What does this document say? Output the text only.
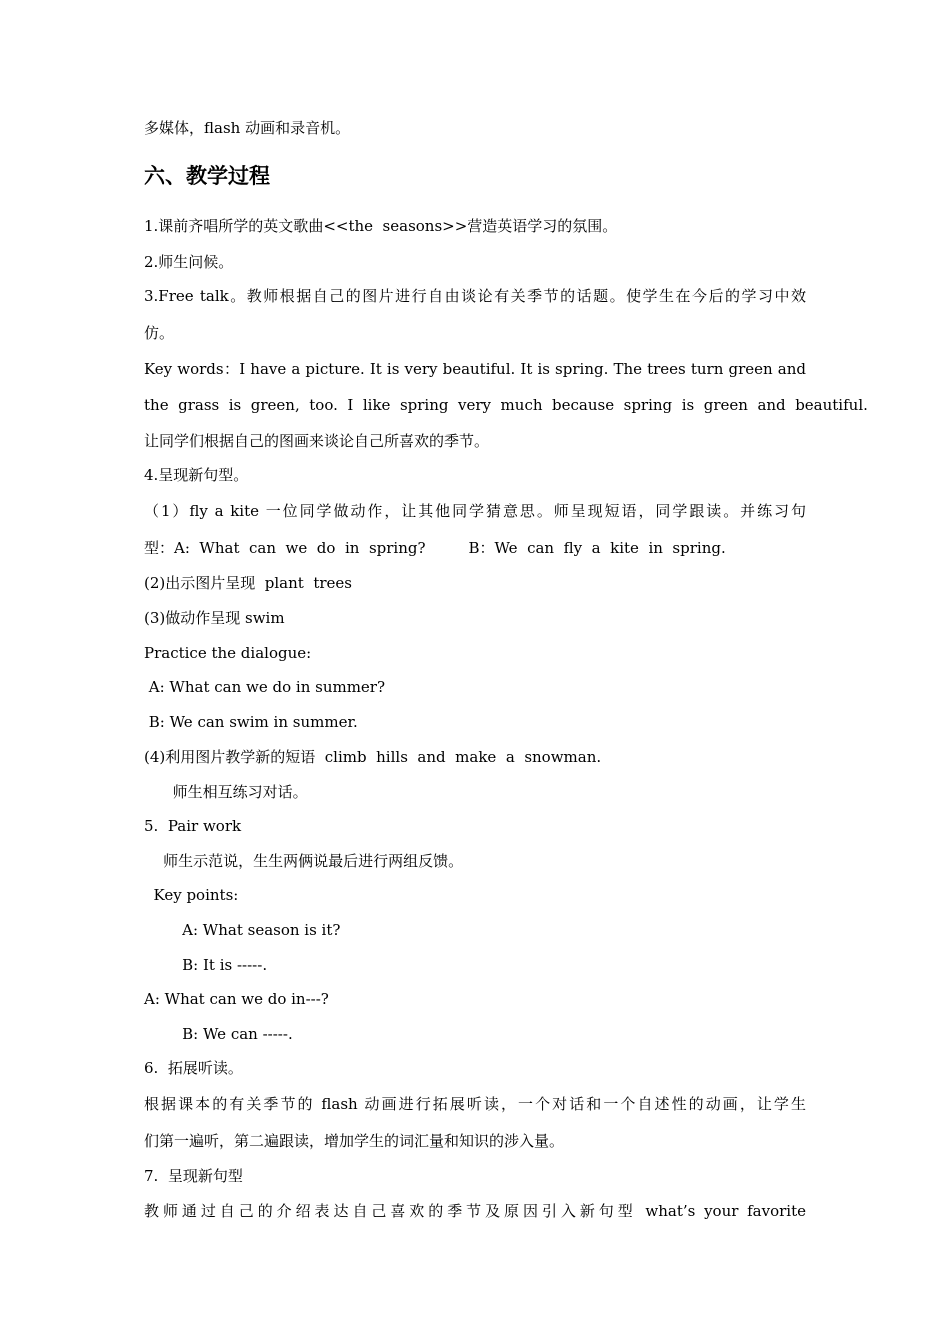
多媒体，flash 动画和录音机。
六、教学过程
1.课前齐唱所学的英文歌曲<<the  seasons>>营造英语学习的氛围。
2.师生问候。
3.Free talk。教师根据自己的图片进行自由谈论有关季节的话题。使学生在今后的学习中效
仿。
Key words：I have a picture. It is very beautiful. It is spring. The trees turn green and
the  grass  is  green,  too.  I  like  spring  very  much  because  spring  is  green  and  beautiful.
让同学们根据自己的图画来谈论自己所喜欢的季节。
4.呈现新句型。
（1）fly a kite 一位同学做动作，让其他同学猜意思。师呈现短语，同学跟读。并练习句
型：A:  What  can  we  do  in  spring?         B：We  can  fly  a  kite  in  spring.
(2)出示图片呈现  plant  trees
(3)做动作呈现 swim
Practice the dialogue:
A: What can we do in summer?
B: We can swim in summer.
(4)利用图片教学新的短语  climb  hills  and  make  a  snowman.
师生相互练习对话。
5.  Pair work
师生示范说，生生两俩说最后进行两组反馈。
Key points:
A: What season is it?
B: It is -----.
A: What can we do in---?
B: We can -----.
6.  拓展听读。
根据课本的有关季节的 flash 动画进行拓展听读，一个对话和一个自述性的动画，让学生
们第一遍听，第二遍跟读，增加学生的词汇量和知识的涉入量。
7.  呈现新句型
教师通过自己的介绍表达自己喜欢的季节及原因引入新句型 what’s your favorite
